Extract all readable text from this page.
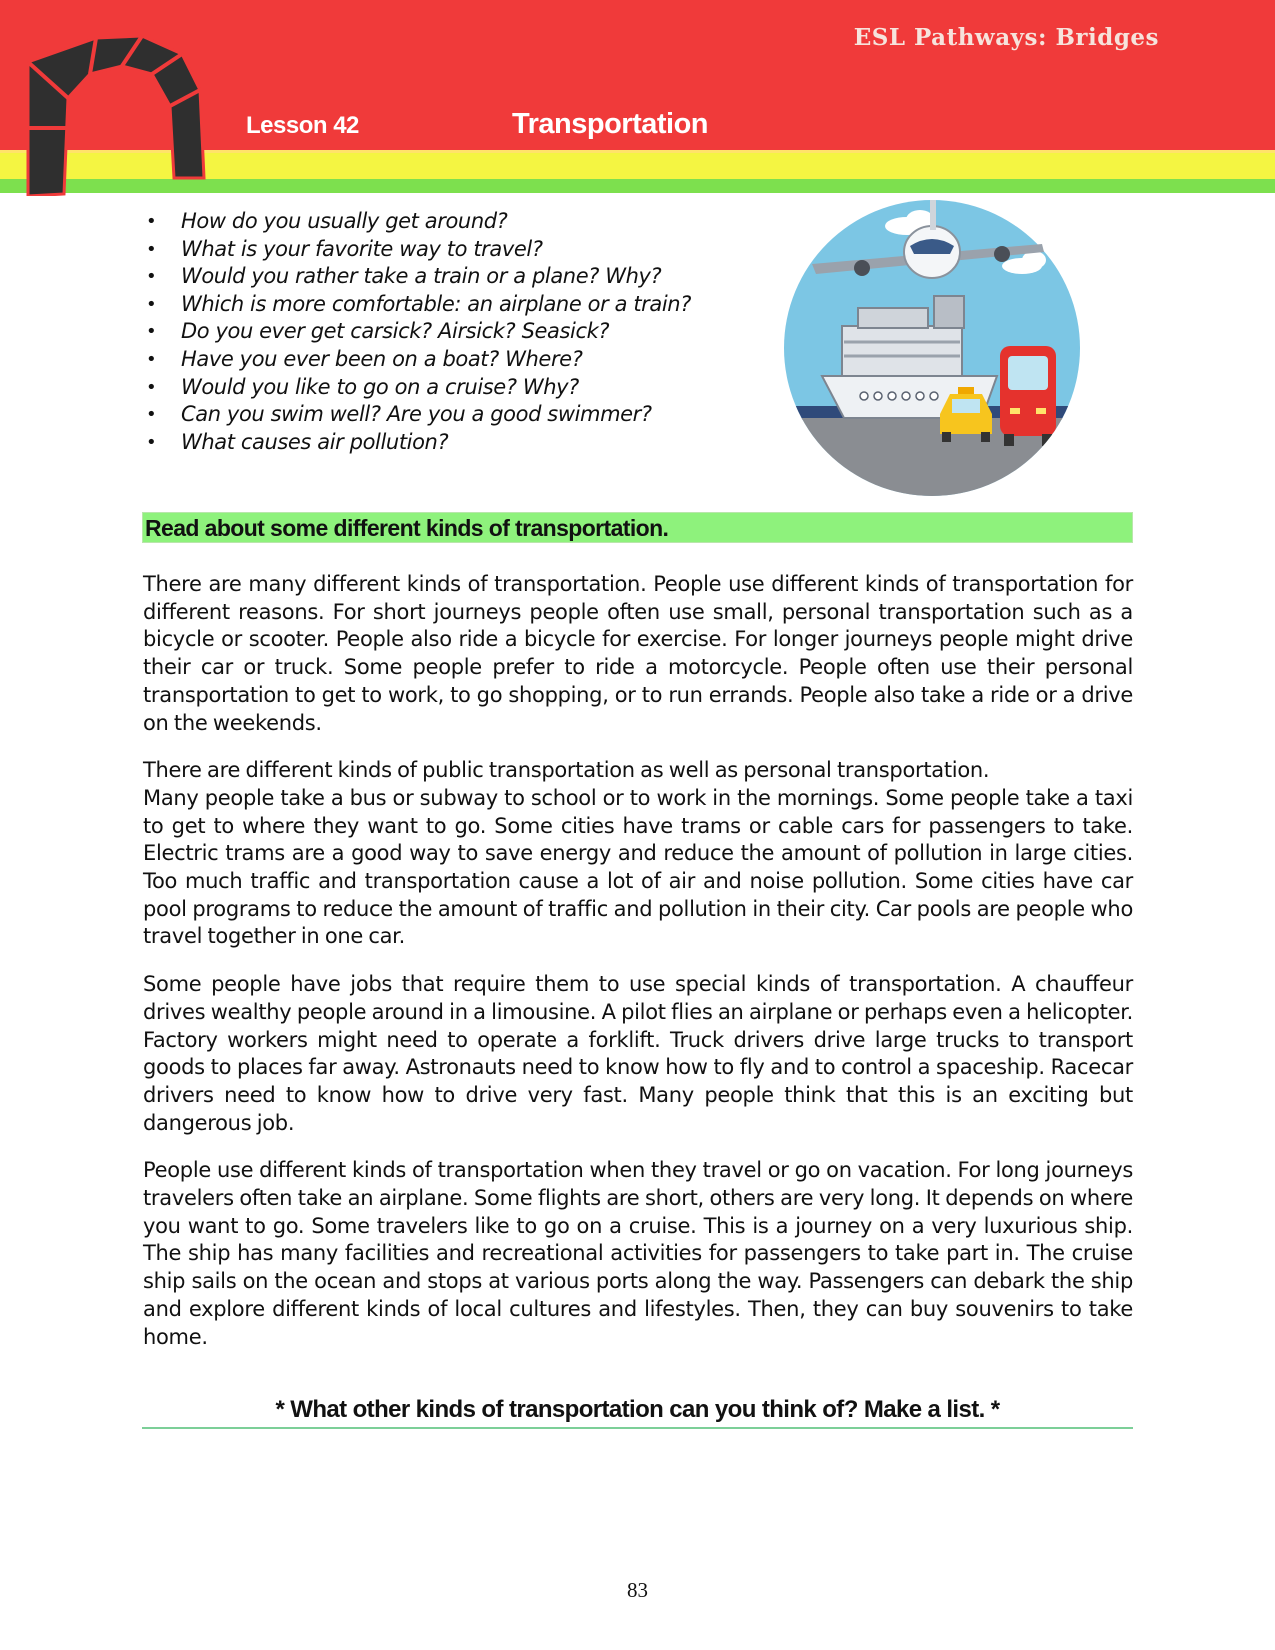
ESL Pathways: Bridges
Lesson 42	Transportation
• How do you usually get around?
• What is your favorite way to travel?
• Would you rather take a train or a plane? Why?
• Which is more comfortable: an airplane or a train?
• Do you ever get carsick? Airsick? Seasick?
• Have you ever been on a boat? Where?
• Would you like to go on a cruise? Why?
• Can you swim well? Are you a good swimmer?
• What causes air pollution?
Read about some different kinds of transportation.

There are many different kinds of transportation. People use different kinds of transportation for different reasons. For short journeys people often use small, personal transportation such as a bicycle or scooter. People also ride a bicycle for exercise. For longer journeys people might drive their car or truck. Some people prefer to ride a motorcycle. People often use their personal transportation to get to work, to go shopping, or to run errands. People also take a ride or a drive on the weekends.

There are different kinds of public transportation as well as personal transportation.

Many people take a bus or subway to school or to work in the mornings. Some people take a taxi to get to where they want to go. Some cities have trams or cable cars for passengers to take. Electric trams are a good way to save energy and reduce the amount of pollution in large cities. Too much traffic and transportation cause a lot of air and noise pollution. Some cities have car pool programs to reduce the amount of traffic and pollution in their city. Car pools are people who travel together in one car.

Some people have jobs that require them to use special kinds of transportation. A chauffeur drives wealthy people around in a limousine. A pilot flies an airplane or perhaps even a helicopter. Factory workers might need to operate a forklift. Truck drivers drive large trucks to transport goods to places far away. Astronauts need to know how to fly and to control a spaceship. Racecar drivers need to know how to drive very fast. Many people think that this is an exciting but dangerous job.

People use different kinds of transportation when they travel or go on vacation. For long journeys travelers often take an airplane. Some flights are short, others are very long. It depends on where you want to go. Some travelers like to go on a cruise. This is a journey on a very luxurious ship. The ship has many facilities and recreational activities for passengers to take part in. The cruise ship sails on the ocean and stops at various ports along the way. Passengers can debark the ship and explore different kinds of local cultures and lifestyles. Then, they can buy souvenirs to take home.

* What other kinds of transportation can you think of? Make a list. *
83
